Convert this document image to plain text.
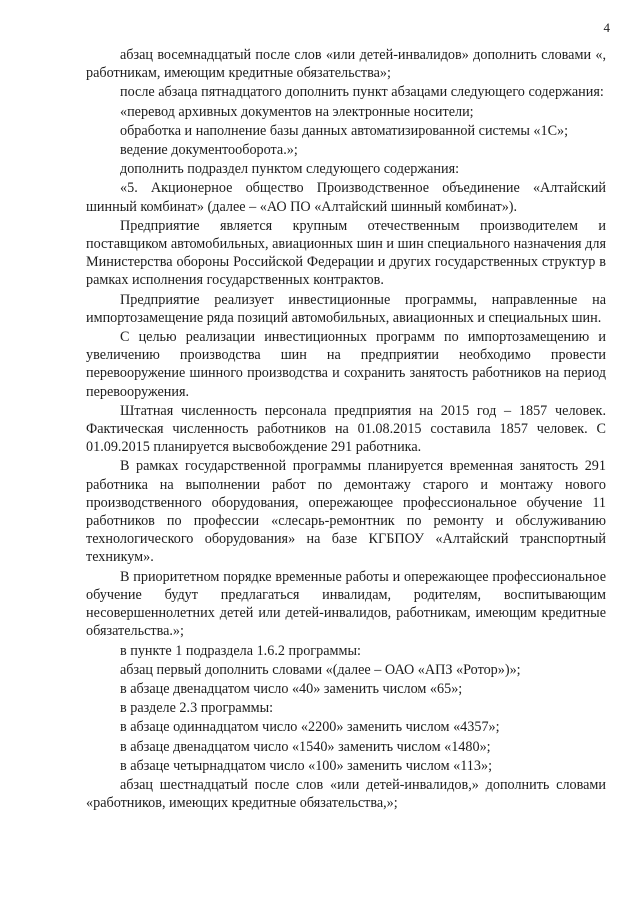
4

абзац восемнадцатый после слов «или детей-инвалидов» дополнить словами «, работникам, имеющим кредитные обязательства»;

после абзаца пятнадцатого дополнить пункт абзацами следующего содержания:

«перевод архивных документов на электронные носители;

обработка и наполнение базы данных автоматизированной системы «1С»;

ведение документооборота.»;

дополнить подраздел пунктом следующего содержания:

«5. Акционерное общество Производственное объединение «Алтайский шинный комбинат» (далее – «АО ПО «Алтайский шинный комбинат»).

Предприятие является крупным отечественным производителем и поставщиком автомобильных, авиационных шин и шин специального назначения для Министерства обороны Российской Федерации и других государственных структур в рамках исполнения государственных контрактов.

Предприятие реализует инвестиционные программы, направленные на импортозамещение ряда позиций автомобильных, авиационных и специальных шин.

С целью реализации инвестиционных программ по импортозамещению и увеличению производства шин на предприятии необходимо провести перевооружение шинного производства и сохранить занятость работников на период перевооружения.

Штатная численность персонала предприятия на 2015 год – 1857 человек. Фактическая численность работников на 01.08.2015 составила 1857 человек. С 01.09.2015 планируется высвобождение 291 работника.

В рамках государственной программы планируется временная занятость 291 работника на выполнении работ по демонтажу старого и монтажу нового производственного оборудования, опережающее профессиональное обучение 11 работников по профессии «слесарь-ремонтник по ремонту и обслуживанию технологического оборудования» на базе КГБПОУ «Алтайский транспортный техникум».

В приоритетном порядке временные работы и опережающее профессиональное обучение будут предлагаться инвалидам, родителям, воспитывающим несовершеннолетних детей или детей-инвалидов, работникам, имеющим кредитные обязательства.»;

в пункте 1 подраздела 1.6.2 программы:

абзац первый дополнить словами «(далее – ОАО «АПЗ «Ротор»)»;

в абзаце двенадцатом число «40» заменить числом «65»;

в разделе 2.3 программы:

в абзаце одиннадцатом число «2200» заменить числом «4357»;

в абзаце двенадцатом число «1540» заменить числом «1480»;

в абзаце четырнадцатом число «100» заменить числом «113»;

абзац шестнадцатый после слов «или детей-инвалидов,» дополнить словами «работников, имеющих кредитные обязательства,»;
